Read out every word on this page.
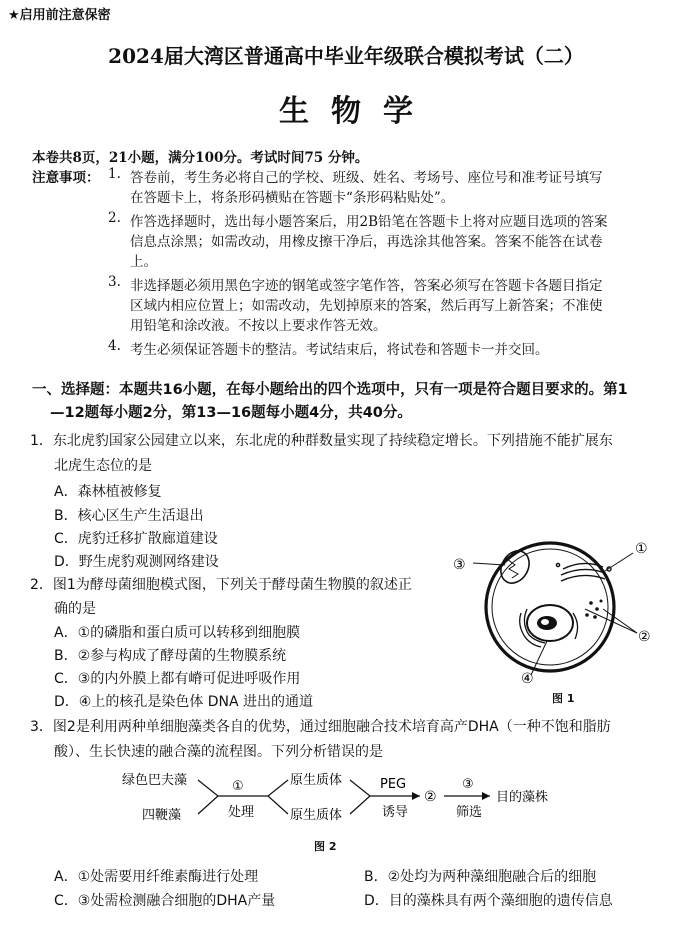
★启用前注意保密
2024届大湾区普通高中毕业年级联合模拟考试（二）
生物学
本卷共8页，21小题，满分100分。考试时间75 分钟。
注意事项： 1. 答卷前，考生务必将自己的学校、班级、姓名、考场号、座位号和准考证号填写
在答题卡上，将条形码横贴在答题卡“条形码粘贴处”。
2. 作答选择题时，选出每小题答案后，用2B铅笔在答题卡上将对应题目选项的答案
信息点涂黑；如需改动，用橡皮擦干净后，再选涂其他答案。答案不能答在试卷
上。
3. 非选择题必须用黑色字迹的钢笔或签字笔作答，答案必须写在答题卡各题目指定
区域内相应位置上；如需改动，先划掉原来的答案，然后再写上新答案；不准使
用铅笔和涂改液。不按以上要求作答无效。
4. 考生必须保证答题卡的整洁。考试结束后，将试卷和答题卡一并交回。
一、选择题：本题共16小题，在每小题给出的四个选项中，只有一项是符合题目要求的。第1
—12题每小题2分，第13—16题每小题4分，共40分。
1．东北虎豹国家公园建立以来，东北虎的种群数量实现了持续稳定增长。下列措施不能扩展东
北虎生态位的是
A．森林植被修复
B．核心区生产生活退出
C．虎豹迁移扩散廊道建设
D．野生虎豹观测网络建设
2．图1为酵母菌细胞模式图，下列关于酵母菌生物膜的叙述正
确的是
A．①的磷脂和蛋白质可以转移到细胞膜
B．②参与构成了酵母菌的生物膜系统
C．③的内外膜上都有嵴可促进呼吸作用
D．④上的核孔是染色体 DNA 进出的通道
①
②
③
④
图 1
3．图2是利用两种单细胞藻类各自的优势，通过细胞融合技术培育高产DHA（一种不饱和脂肪
酸）、生长快速的融合藻的流程图。下列分析错误的是
绿色巴夫藻
四鞭藻
①
处理
原生质体
原生质体
PEG
诱导
②
③
筛选
目的藻株
图 2
A．①处需要用纤维素酶进行处理	B．②处均为两种藻细胞融合后的细胞
C．③处需检测融合细胞的DHA产量	D．目的藻株具有两个藻细胞的遗传信息
